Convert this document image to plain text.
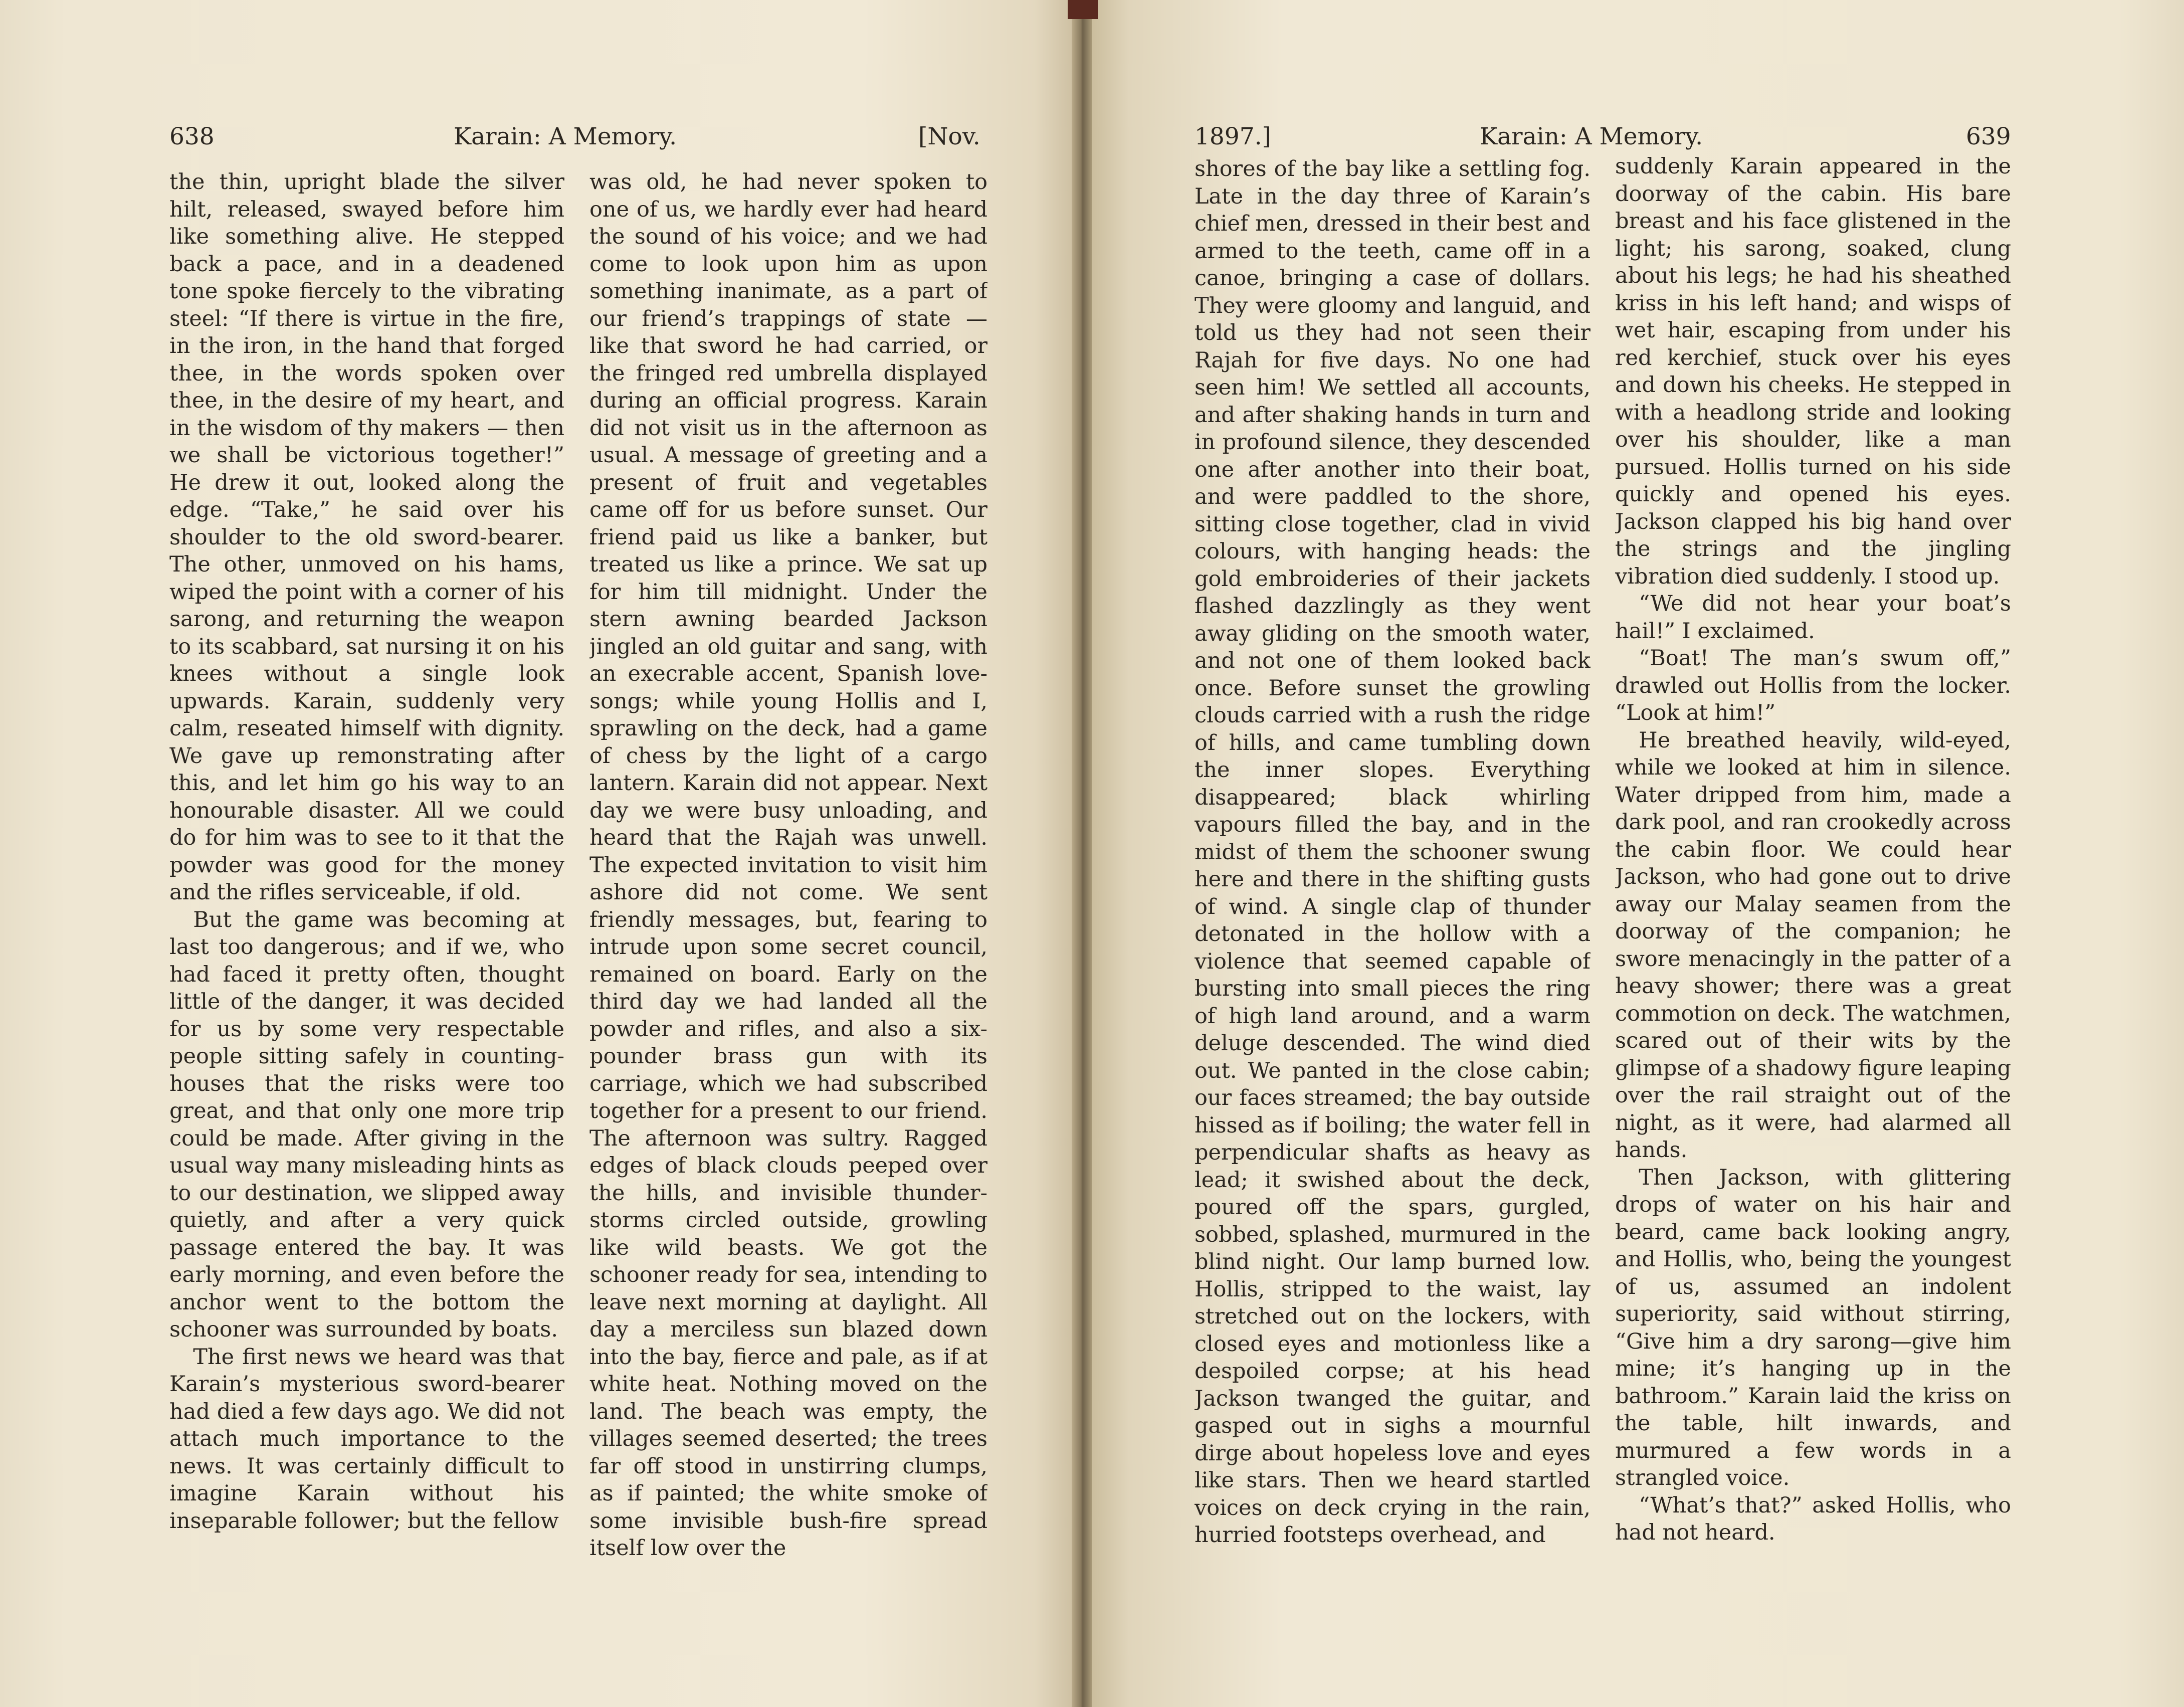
638	Karain: A Memory.	[Nov.

the thin, upright blade the silver hilt, released, swayed before him like something alive. He stepped back a pace, and in a deadened tone spoke fiercely to the vibrating steel: “If there is virtue in the fire, in the iron, in the hand that forged thee, in the words spoken over thee, in the desire of my heart, and in the wisdom of thy makers — then we shall be victorious together!” He drew it out, looked along the edge. “Take,” he said over his shoulder to the old sword-bearer. The other, unmoved on his hams, wiped the point with a corner of his sarong, and returning the weapon to its scabbard, sat nursing it on his knees without a single look upwards. Karain, suddenly very calm, reseated himself with dignity. We gave up remonstrating after this, and let him go his way to an honourable disaster. All we could do for him was to see to it that the powder was good for the money and the rifles serviceable, if old.

But the game was becoming at last too dangerous; and if we, who had faced it pretty often, thought little of the danger, it was decided for us by some very respectable people sitting safely in counting-houses that the risks were too great, and that only one more trip could be made. After giving in the usual way many misleading hints as to our destination, we slipped away quietly, and after a very quick passage entered the bay. It was early morning, and even before the anchor went to the bottom the schooner was surrounded by boats.

The first news we heard was that Karain’s mysterious sword-bearer had died a few days ago. We did not attach much importance to the news. It was certainly difficult to imagine Karain without his inseparable follower; but the fellow

was old, he had never spoken to one of us, we hardly ever had heard the sound of his voice; and we had come to look upon him as upon something inanimate, as a part of our friend’s trappings of state — like that sword he had carried, or the fringed red umbrella displayed during an official progress. Karain did not visit us in the afternoon as usual. A message of greeting and a present of fruit and vegetables came off for us before sunset. Our friend paid us like a banker, but treated us like a prince. We sat up for him till midnight. Under the stern awning bearded Jackson jingled an old guitar and sang, with an execrable accent, Spanish love-songs; while young Hollis and I, sprawling on the deck, had a game of chess by the light of a cargo lantern. Karain did not appear. Next day we were busy unloading, and heard that the Rajah was unwell. The expected invitation to visit him ashore did not come. We sent friendly messages, but, fearing to intrude upon some secret council, remained on board. Early on the third day we had landed all the powder and rifles, and also a six-pounder brass gun with its carriage, which we had subscribed together for a present to our friend. The afternoon was sultry. Ragged edges of black clouds peeped over the hills, and invisible thunder-storms circled outside, growling like wild beasts. We got the schooner ready for sea, intending to leave next morning at daylight. All day a merciless sun blazed down into the bay, fierce and pale, as if at white heat. Nothing moved on the land. The beach was empty, the villages seemed deserted; the trees far off stood in unstirring clumps, as if painted; the white smoke of some invisible bush-fire spread itself low over the

1897.]	Karain: A Memory.	639

shores of the bay like a settling fog. Late in the day three of Karain’s chief men, dressed in their best and armed to the teeth, came off in a canoe, bringing a case of dollars. They were gloomy and languid, and told us they had not seen their Rajah for five days. No one had seen him! We settled all accounts, and after shaking hands in turn and in profound silence, they descended one after another into their boat, and were paddled to the shore, sitting close together, clad in vivid colours, with hanging heads: the gold embroideries of their jackets flashed dazzlingly as they went away gliding on the smooth water, and not one of them looked back once. Before sunset the growling clouds carried with a rush the ridge of hills, and came tumbling down the inner slopes. Everything disappeared; black whirling vapours filled the bay, and in the midst of them the schooner swung here and there in the shifting gusts of wind. A single clap of thunder detonated in the hollow with a violence that seemed capable of bursting into small pieces the ring of high land around, and a warm deluge descended. The wind died out. We panted in the close cabin; our faces streamed; the bay outside hissed as if boiling; the water fell in perpendicular shafts as heavy as lead; it swished about the deck, poured off the spars, gurgled, sobbed, splashed, murmured in the blind night. Our lamp burned low. Hollis, stripped to the waist, lay stretched out on the lockers, with closed eyes and motionless like a despoiled corpse; at his head Jackson twanged the guitar, and gasped out in sighs a mournful dirge about hopeless love and eyes like stars. Then we heard startled voices on deck crying in the rain, hurried footsteps overhead, and

suddenly Karain appeared in the doorway of the cabin. His bare breast and his face glistened in the light; his sarong, soaked, clung about his legs; he had his sheathed kriss in his left hand; and wisps of wet hair, escaping from under his red kerchief, stuck over his eyes and down his cheeks. He stepped in with a headlong stride and looking over his shoulder, like a man pursued. Hollis turned on his side quickly and opened his eyes. Jackson clapped his big hand over the strings and the jingling vibration died suddenly. I stood up.

“We did not hear your boat’s hail!” I exclaimed.

“Boat! The man’s swum off,” drawled out Hollis from the locker. “Look at him!”

He breathed heavily, wild-eyed, while we looked at him in silence. Water dripped from him, made a dark pool, and ran crookedly across the cabin floor. We could hear Jackson, who had gone out to drive away our Malay seamen from the doorway of the companion; he swore menacingly in the patter of a heavy shower; there was a great commotion on deck. The watchmen, scared out of their wits by the glimpse of a shadowy figure leaping over the rail straight out of the night, as it were, had alarmed all hands.

Then Jackson, with glittering drops of water on his hair and beard, came back looking angry, and Hollis, who, being the youngest of us, assumed an indolent superiority, said without stirring, “Give him a dry sarong—give him mine; it’s hanging up in the bathroom.” Karain laid the kriss on the table, hilt inwards, and murmured a few words in a strangled voice.

“What’s that?” asked Hollis, who had not heard.
